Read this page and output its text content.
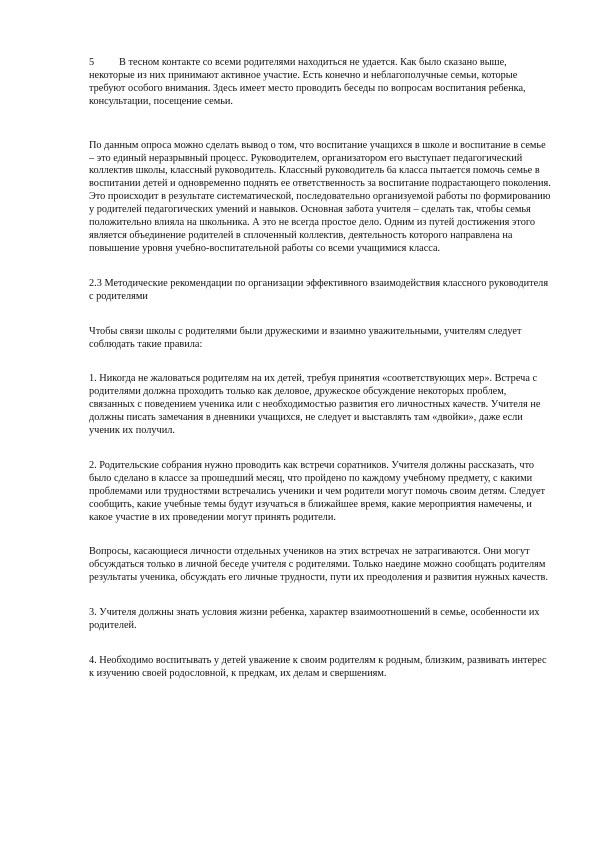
5 В тесном контакте со всеми родителями находиться не удается. Как было сказано выше, некоторые из них принимают активное участие. Есть конечно и неблагополучные семьи, которые требуют особого внимания. Здесь имеет место проводить беседы по вопросам воспитания ребенка, консультации, посещение семьи.

По данным опроса можно сделать вывод о том, что воспитание учащихся в школе и воспитание в семье – это единый неразрывный процесс. Руководителем, организатором его выступает педагогический коллектив школы, классный руководитель. Классный руководитель 6а класса пытается помочь семье в воспитании детей и одновременно поднять ее ответственность за воспитание подрастающего поколения. Это происходит в результате систематической, последовательно организуемой работы по формированию у родителей педагогических умений и навыков. Основная забота учителя – сделать так, чтобы семья положительно влияла на школьника. А это не всегда простое дело. Одним из путей достижения этого является объединение родителей в сплоченный коллектив, деятельность которого направлена на повышение уровня учебно-воспитательной работы со всеми учащимися класса.

2.3 Методические рекомендации по организации эффективного взаимодействия классного руководителя с родителями

Чтобы связи школы с родителями были дружескими и взаимно уважительными, учителям следует соблюдать такие правила:

1. Никогда не жаловаться родителям на их детей, требуя принятия «соответствующих мер». Встреча с родителями должна проходить только как деловое, дружеское обсуждение некоторых проблем, связанных с поведением ученика или с необходимостью развития его личностных качеств. Учителя не должны писать замечания в дневники учащихся, не следует и выставлять там «двойки», даже если ученик их получил.

2. Родительские собрания нужно проводить как встречи соратников. Учителя должны рассказать, что было сделано в классе за прошедший месяц, что пройдено по каждому учебному предмету, с какими проблемами или трудностями встречались ученики и чем родители могут помочь своим детям. Следует сообщить, какие учебные темы будут изучаться в ближайшее время, какие мероприятия намечены, и какое участие в их проведении могут принять родители.

Вопросы, касающиеся личности отдельных учеников на этих встречах не затрагиваются. Они могут обсуждаться только в личной беседе учителя с родителями. Только наедине можно сообщать родителям результаты ученика, обсуждать его личные трудности, пути их преодоления и развития нужных качеств.

3. Учителя должны знать условия жизни ребенка, характер взаимоотношений в семье, особенности их родителей.

4. Необходимо воспитывать у детей уважение к своим родителям к родным, близким, развивать интерес к изучению своей родословной, к предкам, их делам и свершениям.
